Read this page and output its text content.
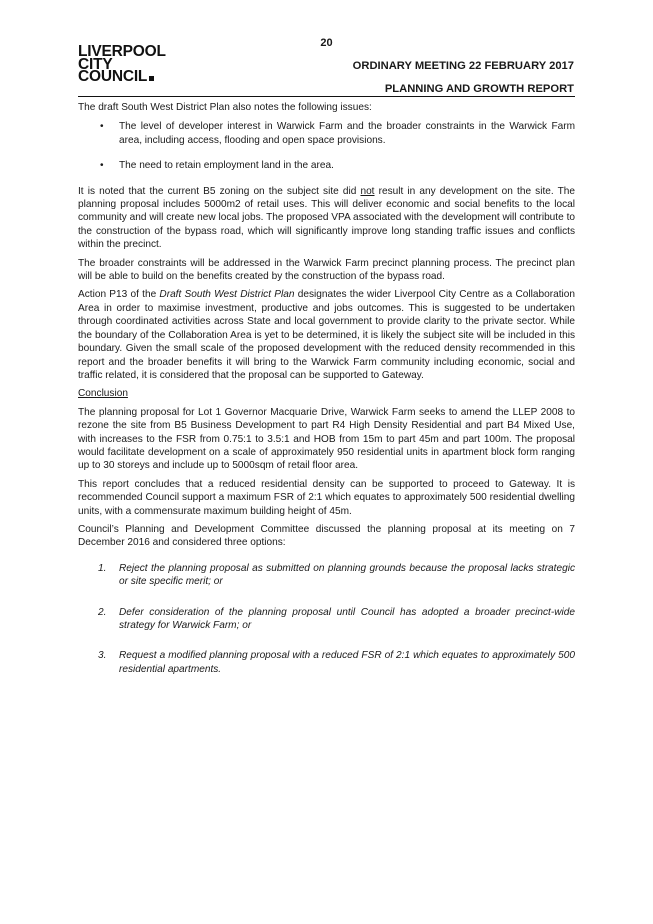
20
LIVERPOOL
CITY
COUNCIL
ORDINARY MEETING 22 FEBRUARY 2017
PLANNING AND GROWTH REPORT

The draft South West District Plan also notes the following issues:

• The level of developer interest in Warwick Farm and the broader constraints in the Warwick Farm area, including access, flooding and open space provisions.
• The need to retain employment land in the area.

It is noted that the current B5 zoning on the subject site did not result in any development on the site. The planning proposal includes 5000m2 of retail uses. This will deliver economic and social benefits to the local community and will create new local jobs. The proposed VPA associated with the development will contribute to the construction of the bypass road, which will significantly improve long standing traffic issues and conflicts within the precinct.

The broader constraints will be addressed in the Warwick Farm precinct planning process. The precinct plan will be able to build on the benefits created by the construction of the bypass road.

Action P13 of the Draft South West District Plan designates the wider Liverpool City Centre as a Collaboration Area in order to maximise investment, productive and jobs outcomes. This is suggested to be undertaken through coordinated activities across State and local government to provide clarity to the private sector. While the boundary of the Collaboration Area is yet to be determined, it is likely the subject site will be included in this boundary. Given the small scale of the proposed development with the reduced density recommended in this report and the broader benefits it will bring to the Warwick Farm community including economic, social and traffic related, it is considered that the proposal can be supported to Gateway.

Conclusion

The planning proposal for Lot 1 Governor Macquarie Drive, Warwick Farm seeks to amend the LLEP 2008 to rezone the site from B5 Business Development to part R4 High Density Residential and part B4 Mixed Use, with increases to the FSR from 0.75:1 to 3.5:1 and HOB from 15m to part 45m and part 100m. The proposal would facilitate development on a scale of approximately 950 residential units in apartment block form ranging up to 30 storeys and include up to 5000sqm of retail floor area.

This report concludes that a reduced residential density can be supported to proceed to Gateway. It is recommended Council support a maximum FSR of 2:1 which equates to approximately 500 residential dwelling units, with a commensurate maximum building height of 45m.

Council’s Planning and Development Committee discussed the planning proposal at its meeting on 7 December 2016 and considered three options:

1. Reject the planning proposal as submitted on planning grounds because the proposal lacks strategic or site specific merit; or
2. Defer consideration of the planning proposal until Council has adopted a broader precinct-wide strategy for Warwick Farm; or
3. Request a modified planning proposal with a reduced FSR of 2:1 which equates to approximately 500 residential apartments.
